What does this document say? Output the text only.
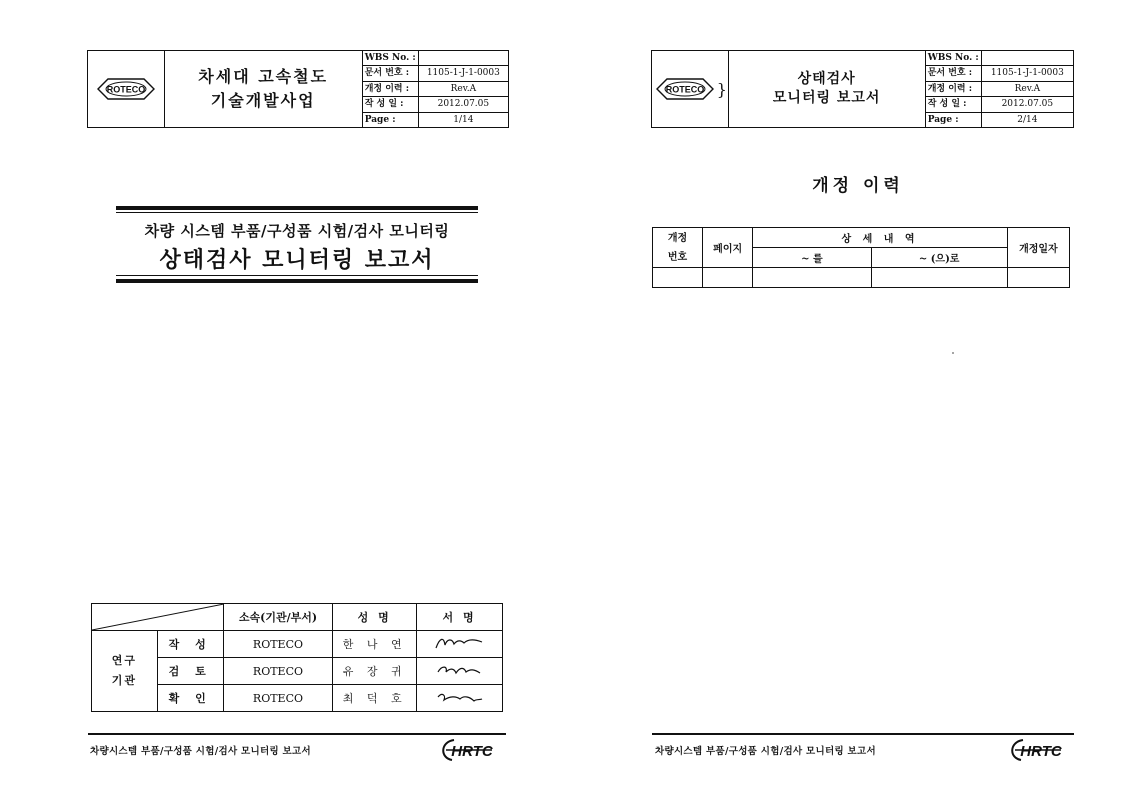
ROTECO
차세대 고속철도
기술개발사업
WBS No. :
문서 번호 :	1105-1-J-1-0003
개정 이력 :	Rev.A
작 성 일 :	2012.07.05
Page :	1/14
차량 시스템 부품/구성품 시험/검사 모니터링
상태검사 모니터링 보고서
	소속(기관/부서)	성 명	서 명
연구
기관	작 성	ROTECO	한 나 연	
	검 토	ROTECO	유 장 귀	
	확 인	ROTECO	최 덕 호	
차량시스템 부품/구성품 시험/검사 모니터링 보고서	HRTC
ROTECO }
상태검사
모니터링 보고서
WBS No. :
문서 번호 :	1105-1-J-1-0003
개정 이력 :	Rev.A
작 성 일 :	2012.07.05
Page :	2/14
개정 이력
개정
번호	페이지	상 세 내 역		개정일자
		~ 를	~ (으)로	

차량시스템 부품/구성품 시험/검사 모니터링 보고서	HRTC
